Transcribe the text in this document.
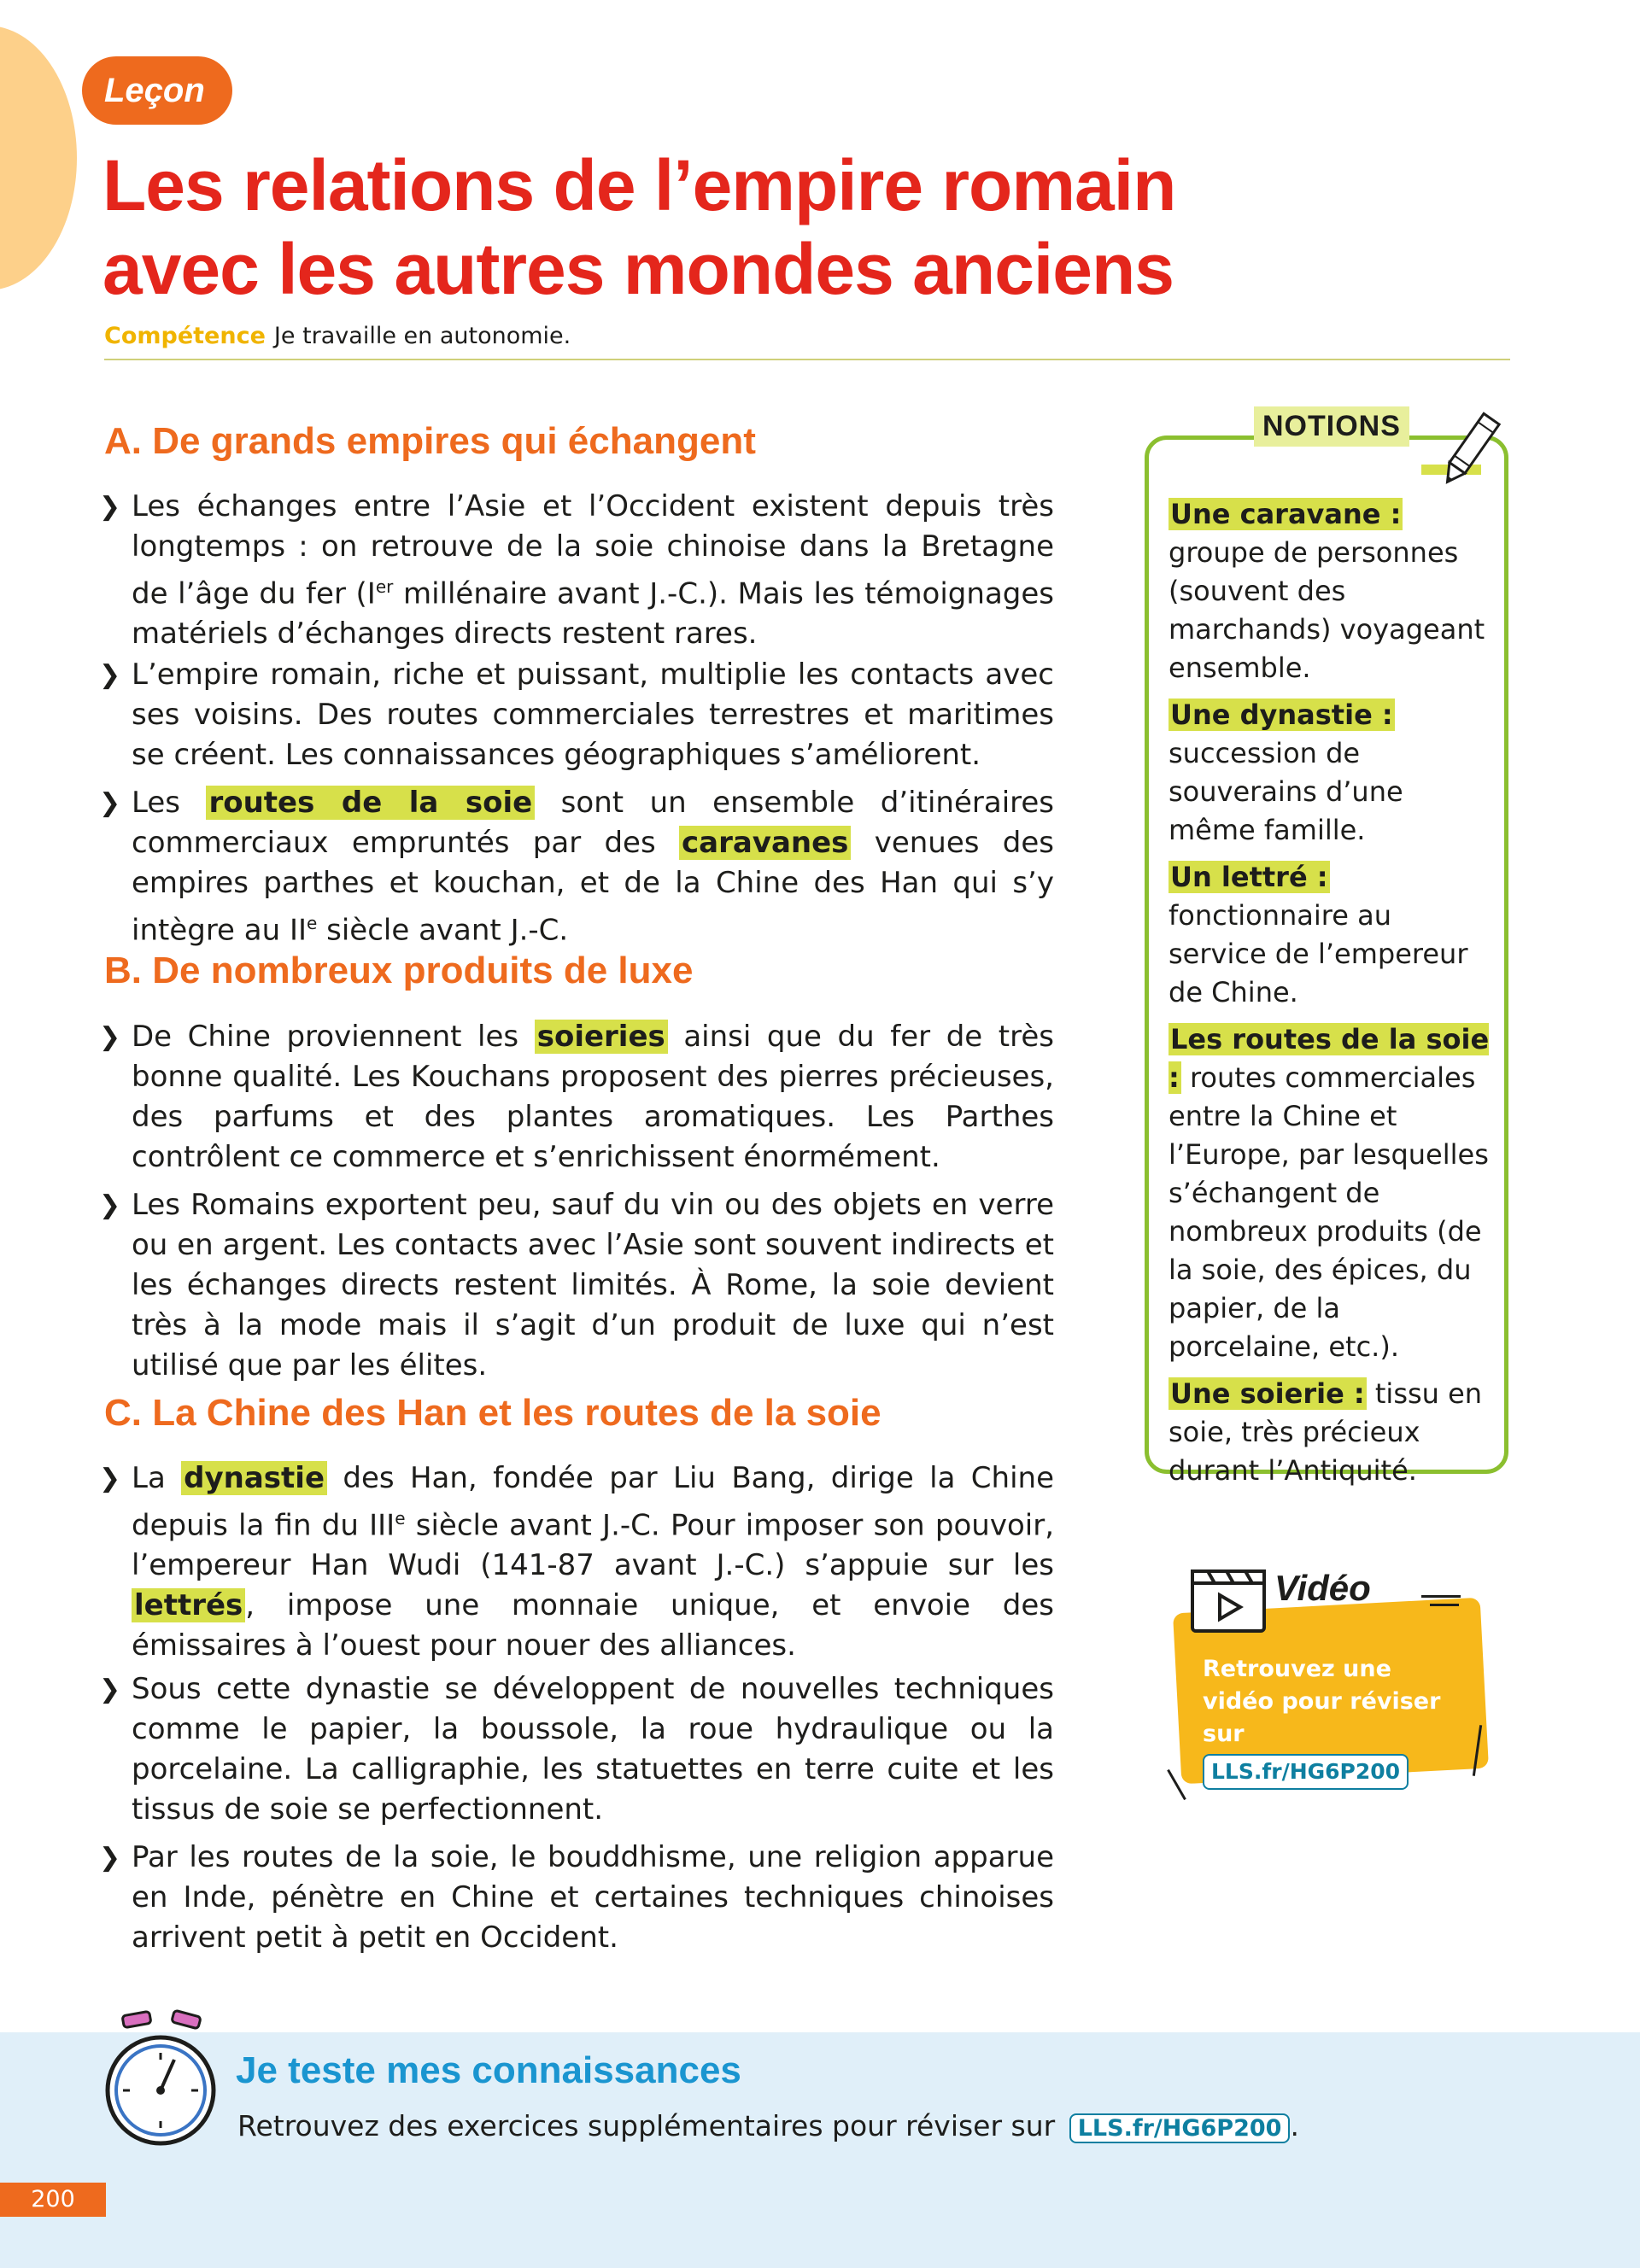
Leçon
Les relations de l’empire romain
avec les autres mondes anciens
Compétence Je travaille en autonomie.
A. De grands empires qui échangent

❯ Les échanges entre l’Asie et l’Occident existent depuis très longtemps : on retrouve de la soie chinoise dans la Bretagne de l’âge du fer (Ier millénaire avant J.-C.). Mais les témoignages matériels d’échanges directs restent rares.

❯ L’empire romain, riche et puissant, multiplie les contacts avec ses voisins. Des routes commerciales terrestres et maritimes se créent. Les connaissances géographiques s’améliorent.

❯ Les routes de la soie sont un ensemble d’itinéraires commerciaux empruntés par des caravanes venues des empires parthes et kouchan, et de la Chine des Han qui s’y intègre au IIe siècle avant J.-C.

B. De nombreux produits de luxe

❯ De Chine proviennent les soieries ainsi que du fer de très bonne qualité. Les Kouchans proposent des pierres précieuses, des parfums et des plantes aromatiques. Les Parthes contrôlent ce commerce et s’enrichissent énormément.

❯ Les Romains exportent peu, sauf du vin ou des objets en verre ou en argent. Les contacts avec l’Asie sont souvent indirects et les échanges directs restent limités. À Rome, la soie devient très à la mode mais il s’agit d’un produit de luxe qui n’est utilisé que par les élites.

C. La Chine des Han et les routes de la soie

❯ La dynastie des Han, fondée par Liu Bang, dirige la Chine depuis la fin du IIIe siècle avant J.-C. Pour imposer son pouvoir, l’empereur Han Wudi (141-87 avant J.-C.) s’appuie sur les lettrés, impose une monnaie unique, et envoie des émissaires à l’ouest pour nouer des alliances.

❯ Sous cette dynastie se développent de nouvelles techniques comme le papier, la boussole, la roue hydraulique ou la porcelaine. La calligraphie, les statuettes en terre cuite et les tissus de soie se perfectionnent.

❯ Par les routes de la soie, le bouddhisme, une religion apparue en Inde, pénètre en Chine et certaines techniques chinoises arrivent petit à petit en Occident.

NOTIONS
Une caravane : groupe de personnes (souvent des marchands) voyageant ensemble.
Une dynastie : succession de souverains d’une même famille.
Un lettré : fonctionnaire au service de l’empereur de Chine.
Les routes de la soie : routes commerciales entre la Chine et l’Europe, par lesquelles s’échangent de nombreux produits (de la soie, des épices, du papier, de la porcelaine, etc.).
Une soierie : tissu en soie, très précieux durant l’Antiquité.
Vidéo
Retrouvez une vidéo pour réviser sur
LLS.fr/HG6P200 .
Je teste mes connaissances
Retrouvez des exercices supplémentaires pour réviser sur LLS.fr/HG6P200 .
200
